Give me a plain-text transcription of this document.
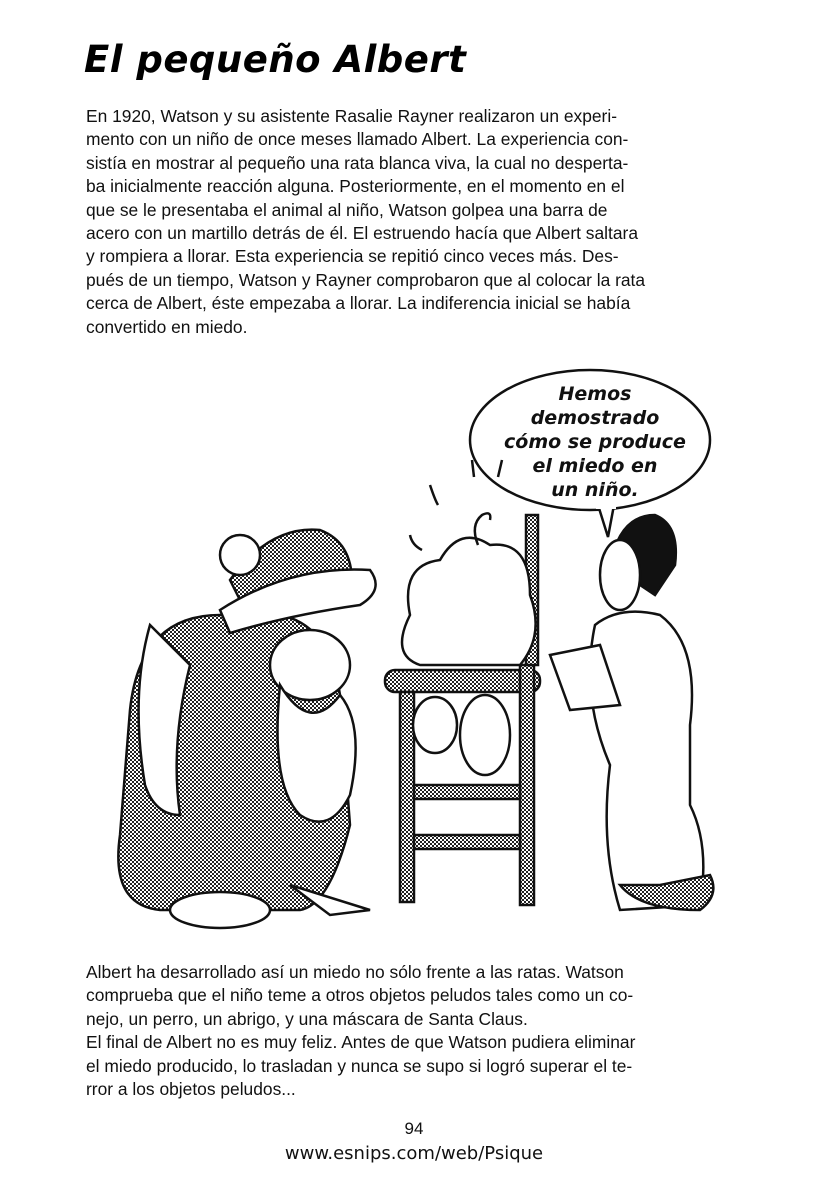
El pequeño Albert
En 1920, Watson y su asistente Rasalie Rayner realizaron un experi-
mento con un niño de once meses llamado Albert. La experiencia con-
sistía en mostrar al pequeño una rata blanca viva, la cual no desperta-
ba inicialmente reacción alguna. Posteriormente, en el momento en el
que se le presentaba el animal al niño, Watson golpea una barra de
acero con un martillo detrás de él. El estruendo hacía que Albert saltara
y rompiera a llorar. Esta experiencia se repitió cinco veces más. Des-
pués de un tiempo, Watson y Rayner comprobaron que al colocar la rata
cerca de Albert, éste empezaba a llorar. La indiferencia inicial se había
convertido en miedo.
Hemos
demostrado
cómo se produce
el miedo en
un niño.
Albert ha desarrollado así un miedo no sólo frente a las ratas. Watson
comprueba que el niño teme a otros objetos peludos tales como un co-
nejo, un perro, un abrigo, y una máscara de Santa Claus.
El final de Albert no es muy feliz. Antes de que Watson pudiera eliminar
el miedo producido, lo trasladan y nunca se supo si logró superar el te-
rror a los objetos peludos...
94
www.esnips.com/web/Psique
